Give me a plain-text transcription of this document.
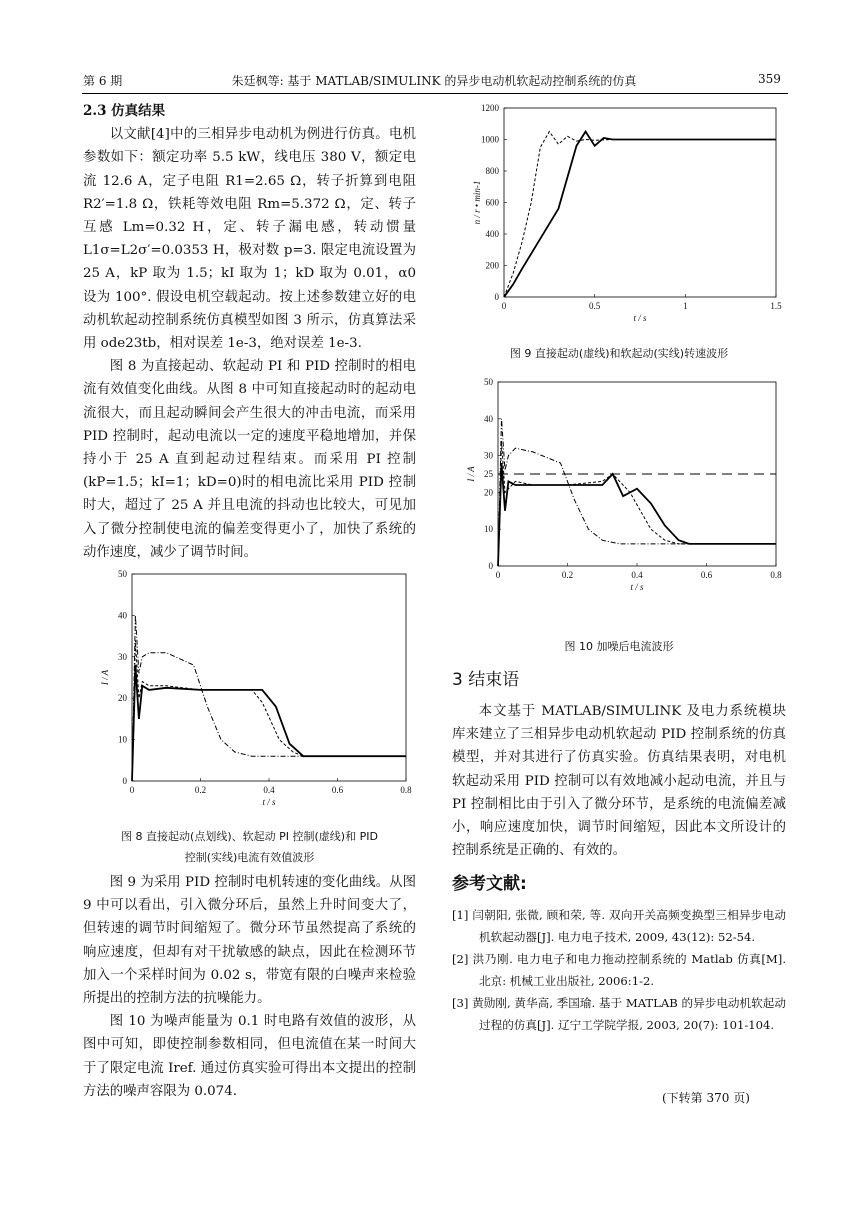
第 6 期	朱廷枫等: 基于 MATLAB/SIMULINK 的异步电动机软起动控制系统的仿真	359

2.3 仿真结果

以文献[4]中的三相异步电动机为例进行仿真。电机参数如下：额定功率 5.5 kW，线电压 380 V，额定电流 12.6 A，定子电阻 R1=2.65 Ω，转子折算到电阻 R2′=1.8 Ω，铁耗等效电阻 Rm=5.372 Ω，定、转子互感 Lm=0.32 H，定、转子漏电感，转动惯量 L1σ=L2σ′=0.0353 H，极对数 p=3. 限定电流设置为 25 A，kP 取为 1.5；kI 取为 1；kD 取为 0.01，α0 设为 100°. 假设电机空载起动。按上述参数建立好的电动机软起动控制系统仿真模型如图 3 所示，仿真算法采用 ode23tb，相对误差 1e-3，绝对误差 1e-3.

图 8 为直接起动、软起动 PI 和 PID 控制时的相电流有效值变化曲线。从图 8 中可知直接起动时的起动电流很大，而且起动瞬间会产生很大的冲击电流，而采用 PID 控制时，起动电流以一定的速度平稳地增加，并保持小于 25 A 直到起动过程结束。而采用 PI 控制(kP=1.5；kI=1；kD=0)时的相电流比采用 PID 控制时大，超过了 25 A 并且电流的抖动也比较大，可见加入了微分控制使电流的偏差变得更小了，加快了系统的动作速度，减少了调节时间。

0	0.2	0.4	0.6	0.8
0
10
20
30
40
50
t / s
I / A
图 8 直接起动(点划线)、软起动 PI 控制(虚线)和 PID
控制(实线)电流有效值波形

图 9 为采用 PID 控制时电机转速的变化曲线。从图 9 中可以看出，引入微分环后，虽然上升时间变大了，但转速的调节时间缩短了。微分环节虽然提高了系统的响应速度，但却有对干扰敏感的缺点，因此在检测环节加入一个采样时间为 0.02 s，带宽有限的白噪声来检验所提出的控制方法的抗噪能力。

图 10 为噪声能量为 0.1 时电路有效值的波形，从图中可知，即使控制参数相同，但电流值在某一时间大于了限定电流 Iref. 通过仿真实验可得出本文提出的控制方法的噪声容限为 0.074.

0	0.5	1	1.5
0
200
400
600
800
1000
1200
t / s
n / r • min-1
图 9 直接起动(虚线)和软起动(实线)转速波形
0	0.2	0.4	0.6	0.8
0
10
20
25
30
40
50
t / s
I / A
图 10 加噪后电流波形

3 结束语

本文基于 MATLAB/SIMULINK 及电力系统模块库来建立了三相异步电动机软起动 PID 控制系统的仿真模型，并对其进行了仿真实验。仿真结果表明，对电机软起动采用 PID 控制可以有效地减小起动电流，并且与 PI 控制相比由于引入了微分环节，是系统的电流偏差减小，响应速度加快，调节时间缩短，因此本文所设计的控制系统是正确的、有效的。

参考文献:

[1] 闫朝阳, 张微, 顾和荣, 等. 双向开关高频变换型三相异步电动机软起动器[J]. 电力电子技术, 2009, 43(12): 52-54.

[2] 洪乃刚. 电力电子和电力拖动控制系统的 Matlab 仿真[M]. 北京: 机械工业出版社, 2006:1-2.

[3] 黄勋刚, 黄华高, 季国瑜. 基于 MATLAB 的异步电动机软起动过程的仿真[J]. 辽宁工学院学报, 2003, 20(7): 101-104.

(下转第 370 页)
